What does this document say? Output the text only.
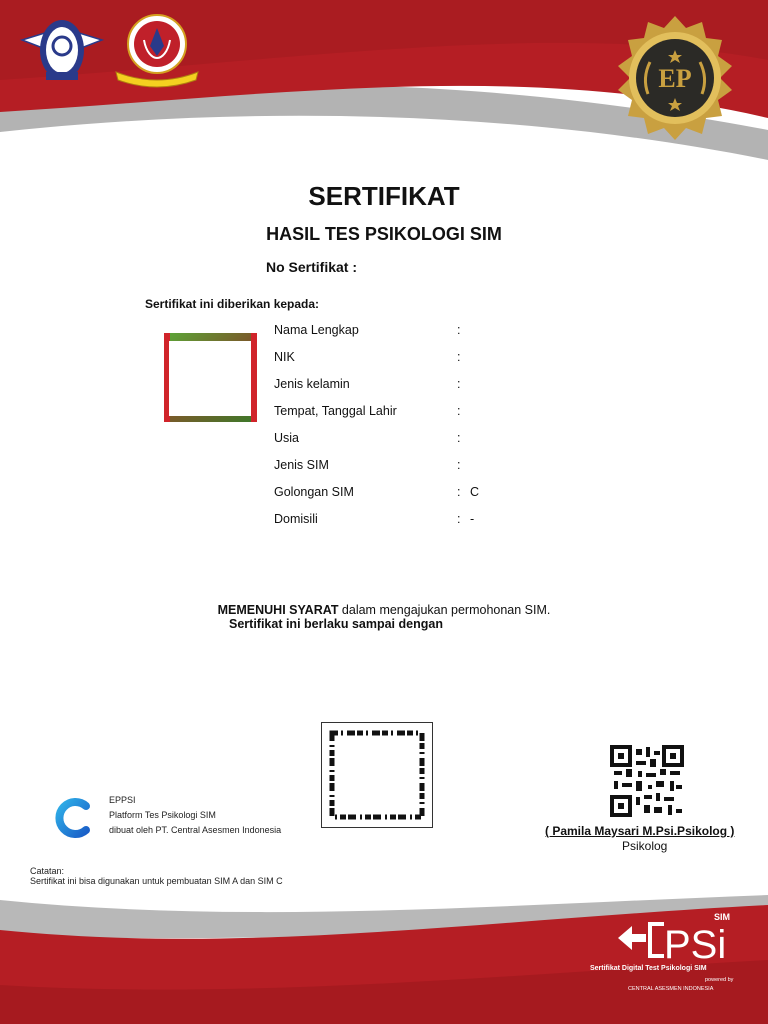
EP
SERTIFIKAT
HASIL TES PSIKOLOGI SIM
No Sertifikat :
Sertifikat ini diberikan kepada:
Nama Lengkap	:
NIK	:
Jenis kelamin	:
Tempat, Tanggal Lahir	:
Usia	:
Jenis SIM	:
Golongan SIM	: C
Domisili	: -
MEMENUHI SYARAT dalam mengajukan permohonan SIM.
Sertifikat ini berlaku sampai dengan
EPPSI
Platform Tes Psikologi SIM
dibuat oleh PT. Central Asesmen Indonesia	( Pamila Maysari M.Psi.Psikolog )
Psikolog
Catatan:
Sertifikat ini bisa digunakan untuk pembuatan SIM A dan SIM C
SIM
PSi
Sertifikat Digital Test Psikologi SIM
powered by
CENTRAL ASESMEN INDONESIA
